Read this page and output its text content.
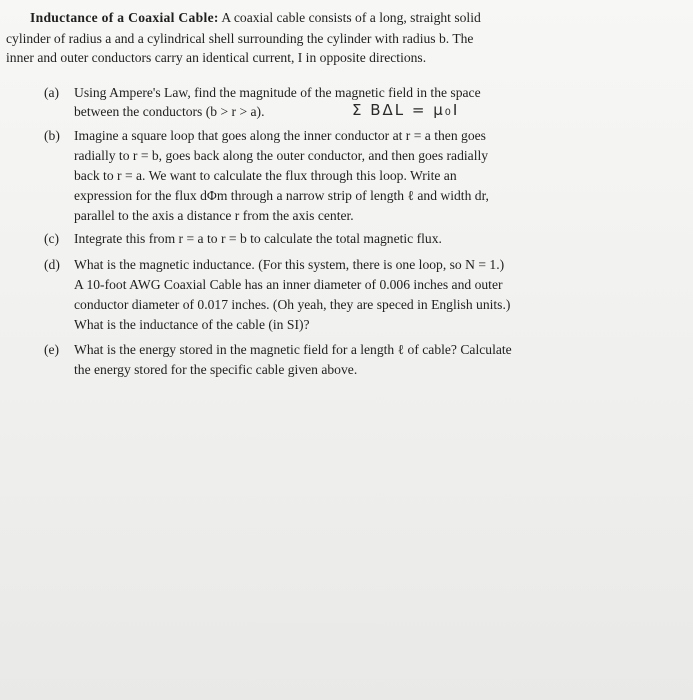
Inductance of a Coaxial Cable: A coaxial cable consists of a long, straight solid
cylinder of radius a and a cylindrical shell surrounding the cylinder with radius b. The
inner and outer conductors carry an identical current, I in opposite directions.
(a) Using Ampere's Law, find the magnitude of the magnetic field in the space
between the conductors (b > r > a).	Σ BΔL = μ₀I
(b) Imagine a square loop that goes along the inner conductor at r = a then goes
radially to r = b, goes back along the outer conductor, and then goes radially
back to r = a. We want to calculate the flux through this loop. Write an
expression for the flux dΦm through a narrow strip of length ℓ and width dr,
parallel to the axis a distance r from the axis center.
(c) Integrate this from r = a to r = b to calculate the total magnetic flux.
(d) What is the magnetic inductance. (For this system, there is one loop, so N = 1.)
A 10-foot AWG Coaxial Cable has an inner diameter of 0.006 inches and outer
conductor diameter of 0.017 inches. (Oh yeah, they are speced in English units.)
What is the inductance of the cable (in SI)?
(e) What is the energy stored in the magnetic field for a length ℓ of cable? Calculate
the energy stored for the specific cable given above.
